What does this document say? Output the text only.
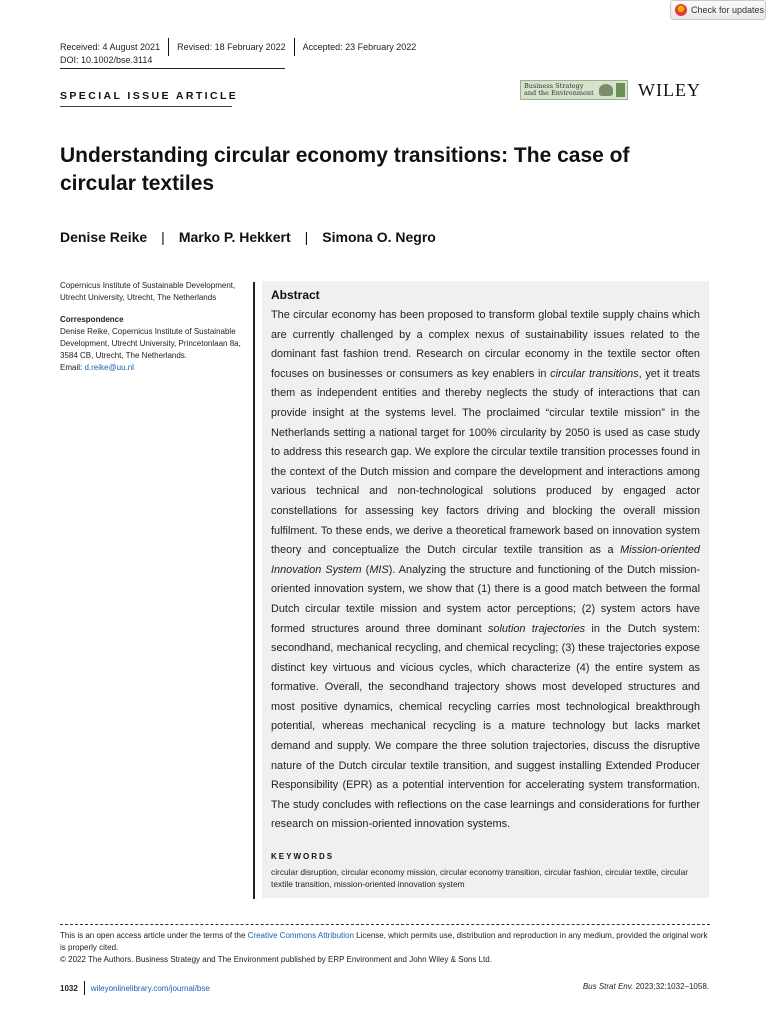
Check for updates
Received: 4 August 2021 Revised: 18 February 2022 Accepted: 23 February 2022
DOI: 10.1002/bse.3114
SPECIAL ISSUE ARTICLE
Business Strategy
and the Environment	WILEY
Understanding circular economy transitions: The case of circular textiles
Denise Reike | Marko P. Hekkert | Simona O. Negro
Copernicus Institute of Sustainable Development, Utrecht University, Utrecht, The Netherlands
Correspondence
Denise Reike, Copernicus Institute of Sustainable Development, Utrecht University, Princetonlaan 8a, 3584 CB, Utrecht, The Netherlands.
Email: d.reike@uu.nl
Abstract
The circular economy has been proposed to transform global textile supply chains which are currently challenged by a complex nexus of sustainability issues related to the dominant fast fashion trend. Research on circular economy in the textile sector often focuses on businesses or consumers as key enablers in circular transitions, yet it treats them as independent entities and thereby neglects the study of interactions that can provide insight at the systems level. The proclaimed “circular textile mission” in the Netherlands setting a national target for 100% circularity by 2050 is used as case study to address this research gap. We explore the circular textile transition processes found in the context of the Dutch mission and compare the development and interactions among various technical and non-technological solutions produced by engaged actor constellations for assessing key factors driving and blocking the overall mission fulfilment. To these ends, we derive a theoretical framework based on innovation system theory and conceptualize the Dutch circular textile transition as a Mission-oriented Innovation System (MIS). Analyzing the structure and functioning of the Dutch mission-oriented innovation system, we show that (1) there is a good match between the formal Dutch circular textile mission and system actor perceptions; (2) system actors have formed structures around three dominant solution trajectories in the Dutch system: secondhand, mechanical recycling, and chemical recycling; (3) these trajectories expose distinct key virtuous and vicious cycles, which characterize (4) the entire system as formative. Overall, the secondhand trajectory shows most developed structures and most positive dynamics, chemical recycling carries most technological breakthrough potential, whereas mechanical recycling is a mature technology but lacks market demand and supply. We compare the three solution trajectories, discuss the disruptive nature of the Dutch circular textile transition, and suggest installing Extended Producer Responsibility (EPR) as a potential intervention for accelerating system transformation. The study concludes with reflections on the case learnings and considerations for further research on mission-oriented innovation systems.
KEYWORDS
circular disruption, circular economy mission, circular economy transition, circular fashion, circular textile, circular textile transition, mission-oriented innovation system
This is an open access article under the terms of the Creative Commons Attribution License, which permits use, distribution and reproduction in any medium, provided the original work is properly cited.
© 2022 The Authors. Business Strategy and The Environment published by ERP Environment and John Wiley & Sons Ltd.
1032 wileyonlinelibrary.com/journal/bse	Bus Strat Env. 2023;32:1032–1058.
